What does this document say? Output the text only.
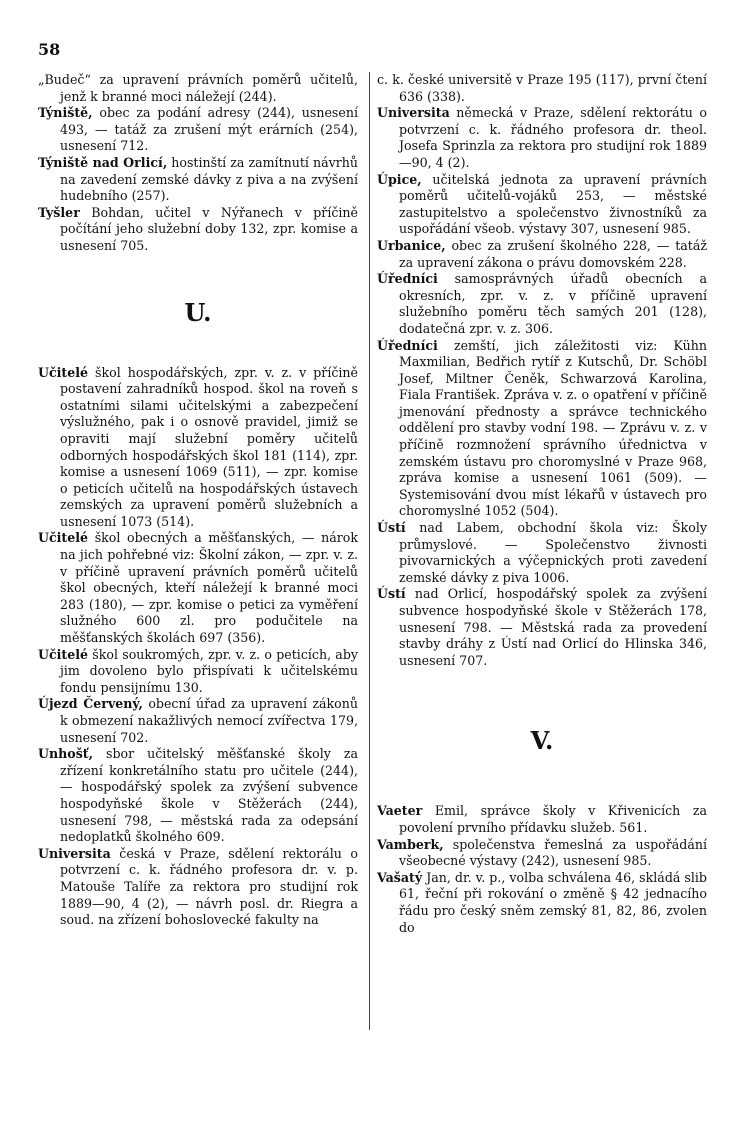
58

„Budeč“ za upravení právních poměrů učitelů, jenž k branné moci náležejí (244).

Týniště, obec za podání adresy (244), usnesení 493, — tatáž za zrušení mýt erárních (254), usnesení 712.

Týniště nad Orlicí, hostinští za zamítnutí návrhů na zavedení zemské dávky z piva a na zvýšení hudebního (257).

Tyšler Bohdan, učitel v Nýřanech v příčině počítání jeho služební doby 132, zpr. komise a usnesení 705.

U.

Učitelé škol hospodářských, zpr. v. z. v příčině postavení zahradníků hospod. škol na roveň s ostatními silami učitelskými a zabezpečení výslužného, pak i o osnově pravidel, jimiž se opraviti mají služební poměry učitelů odborných hospodářských škol 181 (114), zpr. komise a usnesení 1069 (511), — zpr. komise o peticích učitelů na hospodářských ústavech zemských za upravení poměrů služebních a usnesení 1073 (514).

Učitelé škol obecných a měšťanských, — nárok na jich pohřebné viz: Školní zákon, — zpr. v. z. v příčině upravení právních poměrů učitelů škol obecných, kteří náležejí k branné moci 283 (180), — zpr. komise o petici za vyměření služného 600 zl. pro podučitele na měšťanských školách 697 (356).

Učitelé škol soukromých, zpr. v. z. o peticích, aby jim dovoleno bylo přispívati k učitelskému fondu pensijnímu 130.

Újezd Červený, obecní úřad za upravení zákonů k obmezení nakažlivých nemocí zvířectva 179, usnesení 702.

Unhošť, sbor učitelský měšťanské školy za zřízení konkretálního statu pro učitele (244), — hospodářský spolek za zvýšení subvence hospodyňské škole v Stěžerách (244), usnesení 798, — městská rada za odepsání nedoplatků školného 609.

Universita česká v Praze, sdělení rektorálu o potvrzení c. k. řádného profesora dr. v. p. Matouše Talíře za rektora pro studijní rok 1889—90, 4 (2), — návrh posl. dr. Riegra a soud. na zřízení bohoslovecké fakulty na

c. k. české universitě v Praze 195 (117), první čtení 636 (338).

Universita německá v Praze, sdělení rektorátu o potvrzení c. k. řádného profesora dr. theol. Josefa Sprinzla za rektora pro studijní rok 1889—90, 4 (2).

Úpice, učitelská jednota za upravení právních poměrů učitelů-vojáků 253, — městské zastupitelstvo a společenstvo živnostníků za uspořádání všeob. výstavy 307, usnesení 985.

Urbanice, obec za zrušení školného 228, — tatáž za upravení zákona o právu domovském 228.

Úředníci samosprávných úřadů obecních a okresních, zpr. v. z. v příčině upravení služebního poměru těch samých 201 (128), dodatečná zpr. v. z. 306.

Úředníci zemští, jich záležitosti viz: Kühn Maxmilian, Bedřich rytíř z Kutschů, Dr. Schöbl Josef, Miltner Čeněk, Schwarzová Karolina, Fiala František. Zpráva v. z. o opatření v příčině jmenování přednosty a správce technického oddělení pro stavby vodní 198. — Zprávu v. z. v příčině rozmnožení správního úřednictva v zemském ústavu pro choromyslné v Praze 968, zpráva komise a usnesení 1061 (509). — Systemisování dvou míst lékařů v ústavech pro choromyslné 1052 (504).

Ústí nad Labem, obchodní škola viz: Školy průmyslové. — Společenstvo živnosti pivovarnických a výčepnických proti zavedení zemské dávky z piva 1006.

Ústí nad Orlicí, hospodářský spolek za zvýšení subvence hospodyňské škole v Stěžerách 178, usnesení 798. — Městská rada za provedení stavby dráhy z Ústí nad Orlicí do Hlinska 346, usnesení 707.

V.

Vaeter Emil, správce školy v Křivenicích za povolení prvního přídavku služeb. 561.

Vamberk, společenstva řemeslná za uspořádání všeobecné výstavy (242), usnesení 985.

Vašatý Jan, dr. v. p., volba schválena 46, skládá slib 61, řeční při rokování o změně § 42 jednacího řádu pro český sněm zemský 81, 82, 86, zvolen do
